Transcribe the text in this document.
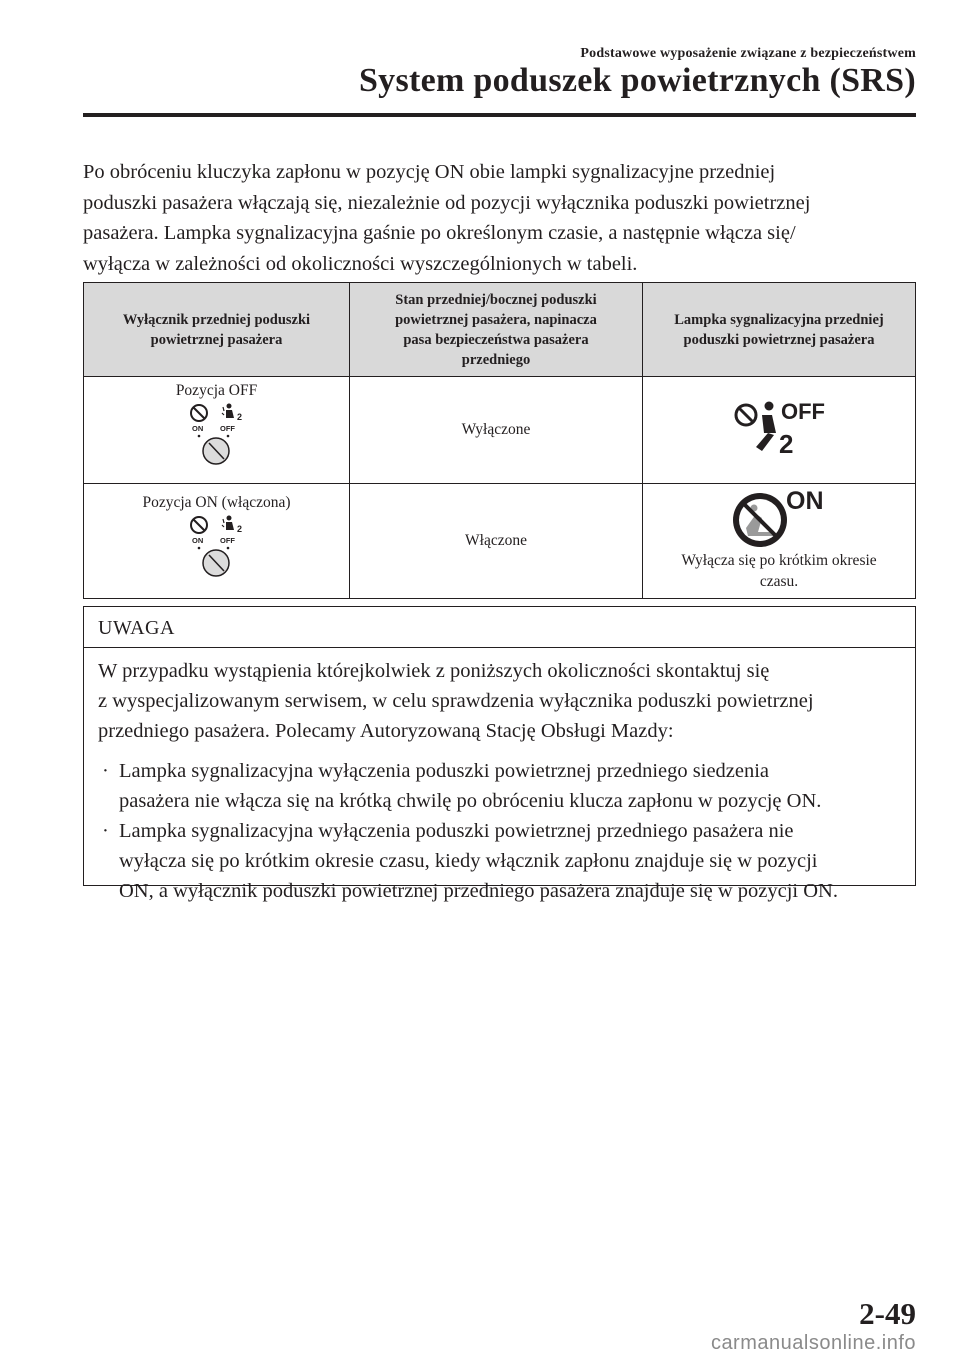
Podstawowe wyposażenie związane z bezpieczeństwem
System poduszek powietrznych (SRS)
Po obróceniu kluczyka zapłonu w pozycję ON obie lampki sygnalizacyjne przedniej
poduszki pasażera włączają się, niezależnie od pozycji wyłącznika poduszki powietrznej
pasażera. Lampka sygnalizacyjna gaśnie po określonym czasie, a następnie włącza się/
wyłącza w zależności od okoliczności wyszczególnionych w tabeli.
Wyłącznik przedniej poduszki
powietrznej pasażera	Stan przedniej/bocznej poduszki
powietrznej pasażera, napinacza
pasa bezpieczeństwa pasażera
przedniego	Lampka sygnalizacyjna przedniej
poduszki powietrznej pasażera

Pozycja OFF
2
ON OFF	Wyłączone	OFF
2

Pozycja ON (włączona)
2
ON OFF	Włączone	ON
Wyłącza się po krótkim okresie
czasu.
UWAGA
W przypadku wystąpienia którejkolwiek z poniższych okoliczności skontaktuj się
z wyspecjalizowanym serwisem, w celu sprawdzenia wyłącznika poduszki powietrznej
przedniego pasażera. Polecamy Autoryzowaną Stację Obsługi Mazdy:
· Lampka sygnalizacyjna wyłączenia poduszki powietrznej przedniego siedzenia
pasażera nie włącza się na krótką chwilę po obróceniu klucza zapłonu w pozycję ON.
· Lampka sygnalizacyjna wyłączenia poduszki powietrznej przedniego pasażera nie
wyłącza się po krótkim okresie czasu, kiedy włącznik zapłonu znajduje się w pozycji
ON, a wyłącznik poduszki powietrznej przedniego pasażera znajduje się w pozycji ON.
2-49
carmanualsonline.info
